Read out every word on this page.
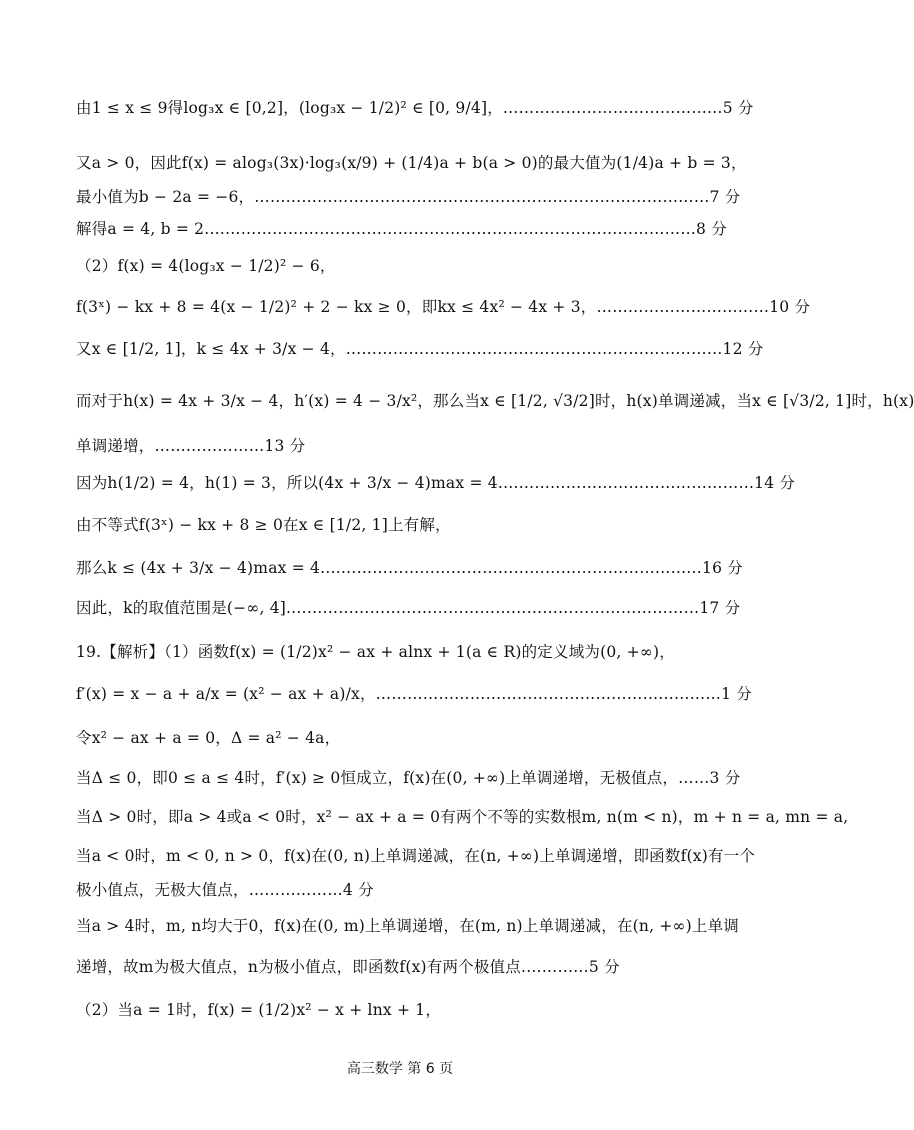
由1 ≤ x ≤ 9得log₃x ∈ [0,2]，(log₃x − 1/2)² ∈ [0, 9/4]，……………………………………5 分
又a > 0，因此f(x) = alog₃(3x)·log₃(x/9) + (1/4)a + b(a > 0)的最大值为(1/4)a + b = 3，
最小值为b − 2a = −6，……………………………………………………………………………7 分
解得a = 4, b = 2.…………………………………………………………………………………8 分
（2）f(x) = 4(log₃x − 1/2)² − 6，
f(3ˣ) − kx + 8 = 4(x − 1/2)² + 2 − kx ≥ 0，即kx ≤ 4x² − 4x + 3，……………………………10 分
又x ∈ [1/2, 1]，k ≤ 4x + 3/x − 4，………………………………………………………………12 分
而对于h(x) = 4x + 3/x − 4，h′(x) = 4 − 3/x²，那么当x ∈ [1/2, √3/2]时，h(x)单调递减，当x ∈ [√3/2, 1]时，h(x)
单调递增，…………………13 分
因为h(1/2) = 4，h(1) = 3，所以(4x + 3/x − 4)max = 4.…………………………………………14 分
由不等式f(3ˣ) − kx + 8 ≥ 0在x ∈ [1/2, 1]上有解，
那么k ≤ (4x + 3/x − 4)max = 4.………………………………………………………………16 分
因此，k的取值范围是(−∞, 4].……………………………………………………………………17 分
19.【解析】（1）函数f(x) = (1/2)x² − ax + alnx + 1(a ∈ R)的定义域为(0, +∞)，
f′(x) = x − a + a/x = (x² − ax + a)/x，…………………………………………………………1 分
令x² − ax + a = 0，Δ = a² − 4a，
当Δ ≤ 0，即0 ≤ a ≤ 4时，f′(x) ≥ 0恒成立，f(x)在(0, +∞)上单调递增，无极值点，……3 分
当Δ > 0时，即a > 4或a < 0时，x² − ax + a = 0有两个不等的实数根m, n(m < n)，m + n = a, mn = a,
当a < 0时，m < 0, n > 0，f(x)在(0, n)上单调递减，在(n, +∞)上单调递增，即函数f(x)有一个
极小值点，无极大值点，………………4 分
当a > 4时，m, n均大于0，f(x)在(0, m)上单调递增，在(m, n)上单调递减，在(n, +∞)上单调
递增，故m为极大值点，n为极小值点，即函数f(x)有两个极值点.…………5 分
（2）当a = 1时，f(x) = (1/2)x² − x + lnx + 1，
高三数学 第 6 页
